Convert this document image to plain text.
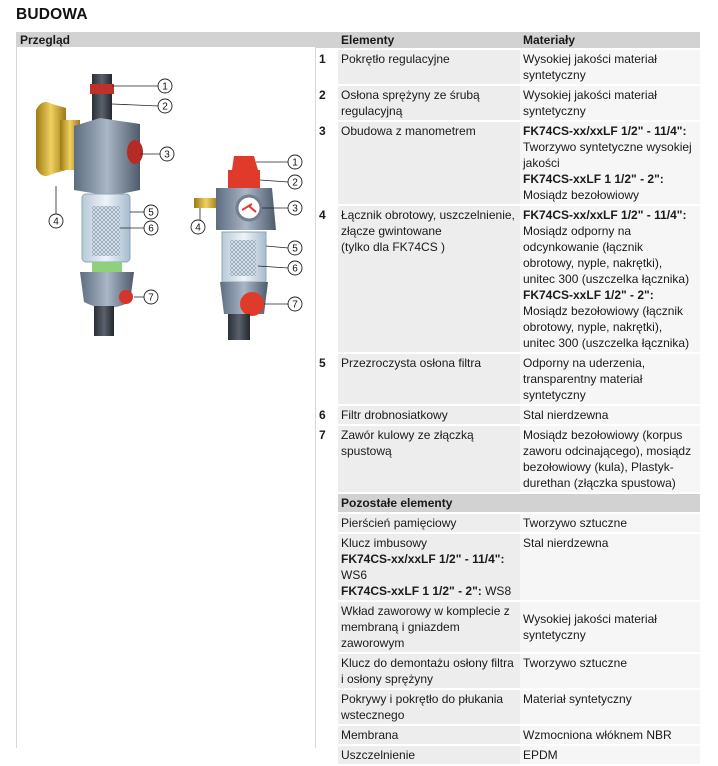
BUDOWA
Przegląd
1
2
3
4
5
6
7
1
2
3
4
5
6
7
	Elementy	Materiały
1	Pokrętło regulacyjne	Wysokiej jakości materiał syntetyczny
2	Osłona sprężyny ze śrubą regulacyjną	Wysokiej jakości materiał syntetyczny
3	Obudowa z manometrem	FK74CS-xx/xxLF 1/2" - 11/4":
Tworzywo syntetyczne wysokiej jakości
FK74CS-xxLF 1 1/2" - 2":
Mosiądz bezołowiowy

4	Łącznik obrotowy, uszczelnienie, złącze gwintowane
(tylko dla FK74CS )	FK74CS-xx/xxLF 1/2" - 11/4":
Mosiądz odporny na odcynkowanie (łącznik obrotowy, nyple, nakrętki), unitec 300 (uszczelka łącznika)
FK74CS-xxLF 1/2" - 2":
Mosiądz bezołowiowy (łącznik obrotowy, nyple, nakrętki), unitec 300 (uszczelka łącznika)

5	Przezroczysta osłona filtra	Odporny na uderzenia, transparentny materiał syntetyczny
6	Filtr drobnosiatkowy	Stal nierdzewna
7	Zawór kulowy ze złączką spustową	Mosiądz bezołowiowy (korpus zaworu odcinającego), mosiądz bezołowiowy (kula), Plastyk-durethan (złączka spustowa)
	Pozostałe elementy	
	Pierścień pamięciowy	Tworzywo sztuczne

	Klucz imbusowy
FK74CS-xx/xxLF 1/2" - 11/4":
WS6
FK74CS-xxLF 1 1/2" - 2": WS8	Stal nierdzewna
	Wkład zaworowy w komplecie z membraną i gniazdem zaworowym	Wysokiej jakości materiał syntetyczny
	Klucz do demontażu osłony filtra i osłony sprężyny	Tworzywo sztuczne
	Pokrywy i pokrętło do płukania wstecznego	Materiał syntetyczny
	Membrana	Wzmocniona włóknem NBR
	Uszczelnienie	EPDM
